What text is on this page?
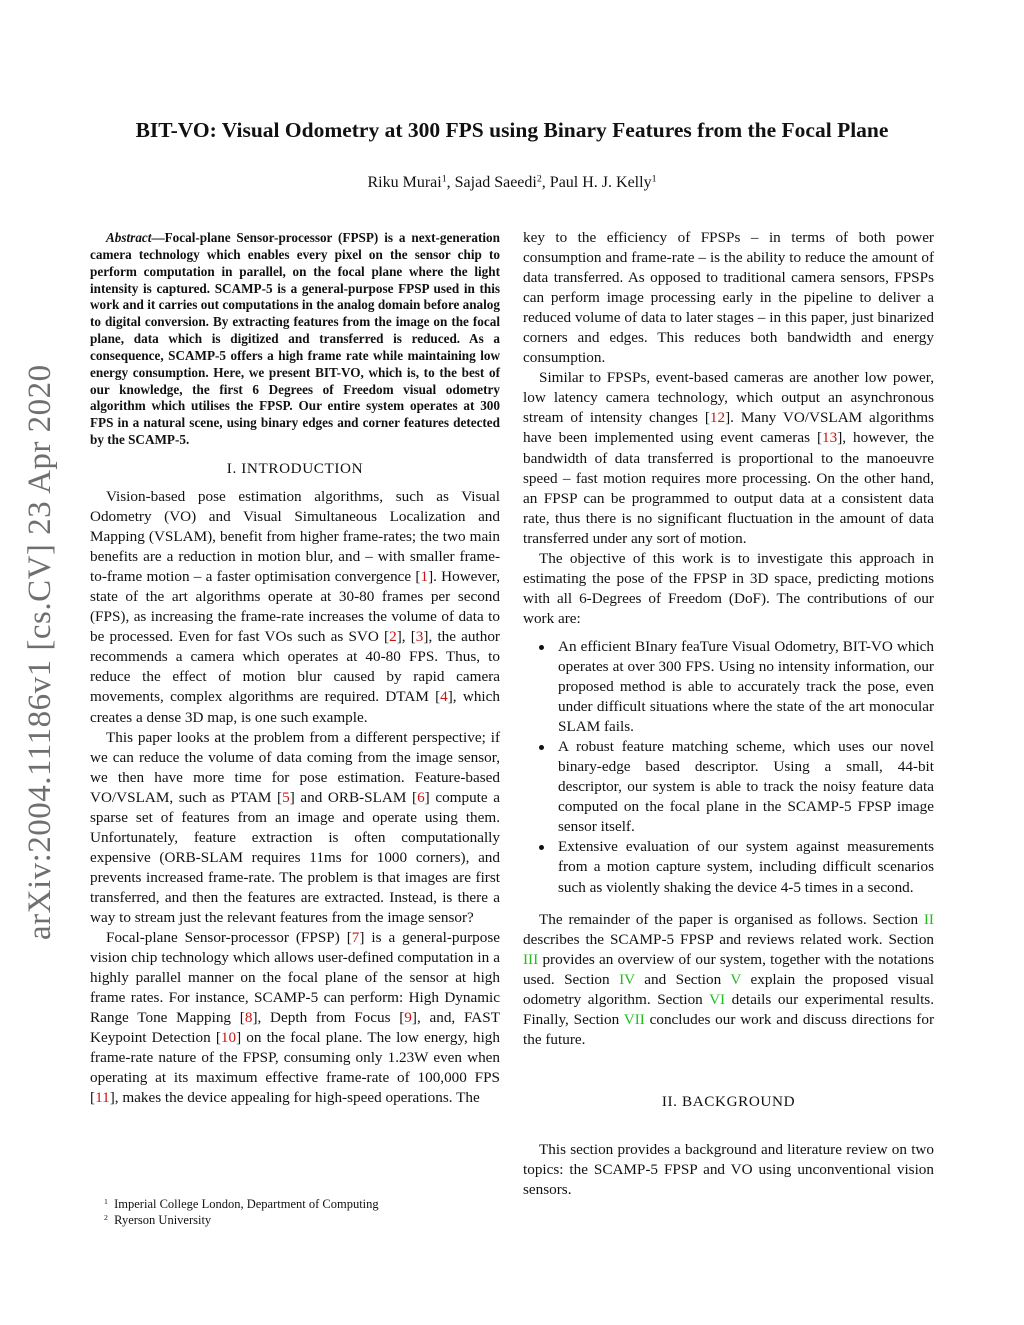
arXiv:2004.11186v1 [cs.CV] 23 Apr 2020
BIT-VO: Visual Odometry at 300 FPS using Binary Features from the Focal Plane
Riku Murai$^1$, Sajad Saeedi$^2$, Paul H. J. Kelly$^1$

Abstract—Focal-plane Sensor-processor (FPSP) is a next-generation camera technology which enables every pixel on the sensor chip to perform computation in parallel, on the focal plane where the light intensity is captured. SCAMP-5 is a general-purpose FPSP used in this work and it carries out computations in the analog domain before analog to digital conversion. By extracting features from the image on the focal plane, data which is digitized and transferred is reduced. As a consequence, SCAMP-5 offers a high frame rate while maintaining low energy consumption. Here, we present BIT-VO, which is, to the best of our knowledge, the first 6 Degrees of Freedom visual odometry algorithm which utilises the FPSP. Our entire system operates at 300 FPS in a natural scene, using binary edges and corner features detected by the SCAMP-5.

I. INTRODUCTION

Vision-based pose estimation algorithms, such as Visual Odometry (VO) and Visual Simultaneous Localization and Mapping (VSLAM), benefit from higher frame-rates; the two main benefits are a reduction in motion blur, and – with smaller frame-to-frame motion – a faster optimisation convergence [1]. However, state of the art algorithms operate at 30-80 frames per second (FPS), as increasing the frame-rate increases the volume of data to be processed. Even for fast VOs such as SVO [2], [3], the author recommends a camera which operates at 40-80 FPS. Thus, to reduce the effect of motion blur caused by rapid camera movements, complex algorithms are required. DTAM [4], which creates a dense 3D map, is one such example.

This paper looks at the problem from a different perspective; if we can reduce the volume of data coming from the image sensor, we then have more time for pose estimation. Feature-based VO/VSLAM, such as PTAM [5] and ORB-SLAM [6] compute a sparse set of features from an image and operate using them. Unfortunately, feature extraction is often computationally expensive (ORB-SLAM requires 11ms for 1000 corners), and prevents increased frame-rate. The problem is that images are first transferred, and then the features are extracted. Instead, is there a way to stream just the relevant features from the image sensor?

Focal-plane Sensor-processor (FPSP) [7] is a general-purpose vision chip technology which allows user-defined computation in a highly parallel manner on the focal plane of the sensor at high frame rates. For instance, SCAMP-5 can perform: High Dynamic Range Tone Mapping [8], Depth from Focus [9], and, FAST Keypoint Detection [10] on the focal plane. The low energy, high frame-rate nature of the FPSP, consuming only 1.23W even when operating at its maximum effective frame-rate of 100,000 FPS [11], makes the device appealing for high-speed operations. The

$^1$ Imperial College London, Department of Computing
$^2$ Ryerson University

key to the efficiency of FPSPs – in terms of both power consumption and frame-rate – is the ability to reduce the amount of data transferred. As opposed to traditional camera sensors, FPSPs can perform image processing early in the pipeline to deliver a reduced volume of data to later stages – in this paper, just binarized corners and edges. This reduces both bandwidth and energy consumption.

Similar to FPSPs, event-based cameras are another low power, low latency camera technology, which output an asynchronous stream of intensity changes [12]. Many VO/VSLAM algorithms have been implemented using event cameras [13], however, the bandwidth of data transferred is proportional to the manoeuvre speed – fast motion requires more processing. On the other hand, an FPSP can be programmed to output data at a consistent data rate, thus there is no significant fluctuation in the amount of data transferred under any sort of motion.

The objective of this work is to investigate this approach in estimating the pose of the FPSP in 3D space, predicting motions with all 6-Degrees of Freedom (DoF). The contributions of our work are:

An efficient BInary feaTure Visual Odometry, BIT-VO which operates at over 300 FPS. Using no intensity information, our proposed method is able to accurately track the pose, even under difficult situations where the state of the art monocular SLAM fails.
A robust feature matching scheme, which uses our novel binary-edge based descriptor. Using a small, 44-bit descriptor, our system is able to track the noisy feature data computed on the focal plane in the SCAMP-5 FPSP image sensor itself.
Extensive evaluation of our system against measurements from a motion capture system, including difficult scenarios such as violently shaking the device 4-5 times in a second.

The remainder of the paper is organised as follows. Section II describes the SCAMP-5 FPSP and reviews related work. Section III provides an overview of our system, together with the notations used. Section IV and Section V explain the proposed visual odometry algorithm. Section VI details our experimental results. Finally, Section VII concludes our work and discuss directions for the future.

II. BACKGROUND

This section provides a background and literature review on two topics: the SCAMP-5 FPSP and VO using unconventional vision sensors.
